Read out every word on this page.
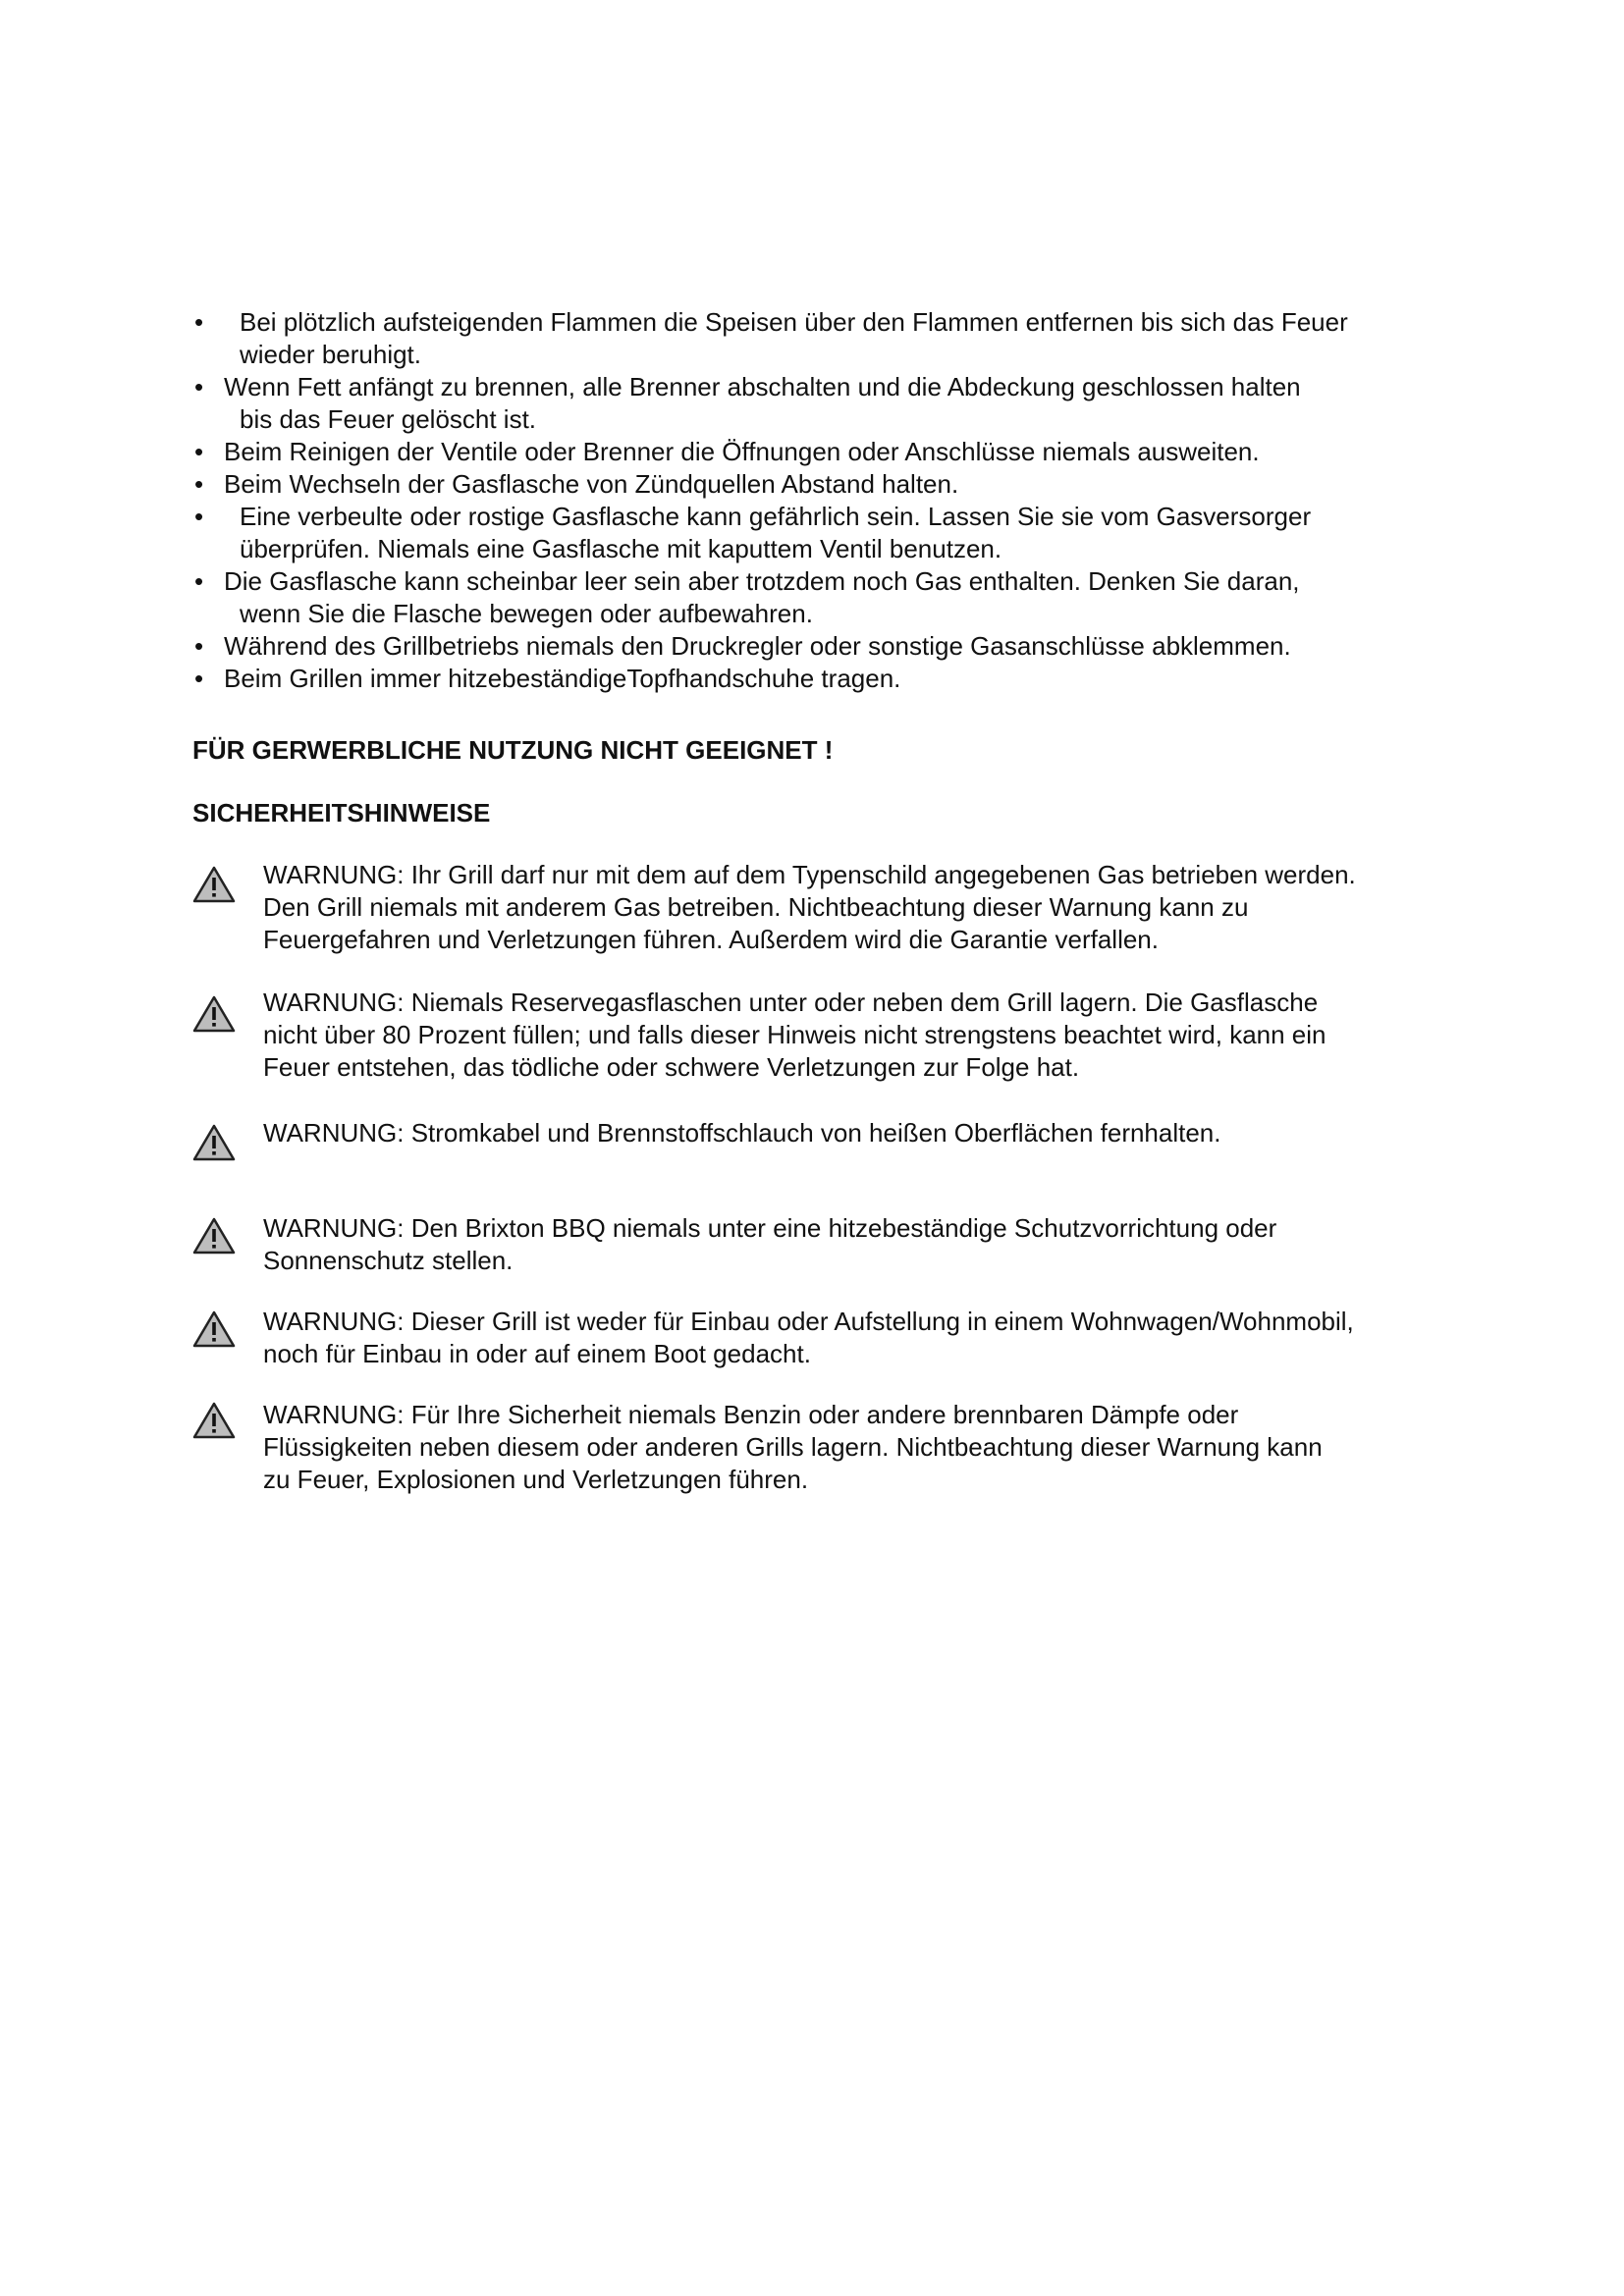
• Bei plötzlich aufsteigenden Flammen die Speisen über den Flammen entfernen bis sich das Feuer
wieder beruhigt.
• Wenn Fett anfängt zu brennen, alle Brenner abschalten und die Abdeckung geschlossen halten
bis das Feuer gelöscht ist.
• Beim Reinigen der Ventile oder Brenner die Öffnungen oder Anschlüsse niemals ausweiten.
• Beim Wechseln der Gasflasche von Zündquellen Abstand halten.
• Eine verbeulte oder rostige Gasflasche kann gefährlich sein. Lassen Sie sie vom Gasversorger
überprüfen. Niemals eine Gasflasche mit kaputtem Ventil benutzen.
• Die Gasflasche kann scheinbar leer sein aber trotzdem noch Gas enthalten. Denken Sie daran,
wenn Sie die Flasche bewegen oder aufbewahren.
• Während des Grillbetriebs niemals den Druckregler oder sonstige Gasanschlüsse abklemmen.
• Beim Grillen immer hitzebeständigeTopfhandschuhe tragen.
FÜR GERWERBLICHE NUTZUNG NICHT GEEIGNET !
SICHERHEITSHINWEISE
WARNUNG: Ihr Grill darf nur mit dem auf dem Typenschild angegebenen Gas betrieben werden.
Den Grill niemals mit anderem Gas betreiben. Nichtbeachtung dieser Warnung kann zu
Feuergefahren und Verletzungen führen. Außerdem wird die Garantie verfallen.
WARNUNG: Niemals Reservegasflaschen unter oder neben dem Grill lagern. Die Gasflasche
nicht über 80 Prozent füllen; und falls dieser Hinweis nicht strengstens beachtet wird, kann ein
Feuer entstehen, das tödliche oder schwere Verletzungen zur Folge hat.
WARNUNG: Stromkabel und Brennstoffschlauch von heißen Oberflächen fernhalten.
WARNUNG: Den Brixton BBQ niemals unter eine hitzebeständige Schutzvorrichtung oder
Sonnenschutz stellen.
WARNUNG: Dieser Grill ist weder für Einbau oder Aufstellung in einem Wohnwagen/Wohnmobil,
noch für Einbau in oder auf einem Boot gedacht.
WARNUNG: Für Ihre Sicherheit niemals Benzin oder andere brennbaren Dämpfe oder
Flüssigkeiten neben diesem oder anderen Grills lagern. Nichtbeachtung dieser Warnung kann
zu Feuer, Explosionen und Verletzungen führen.
